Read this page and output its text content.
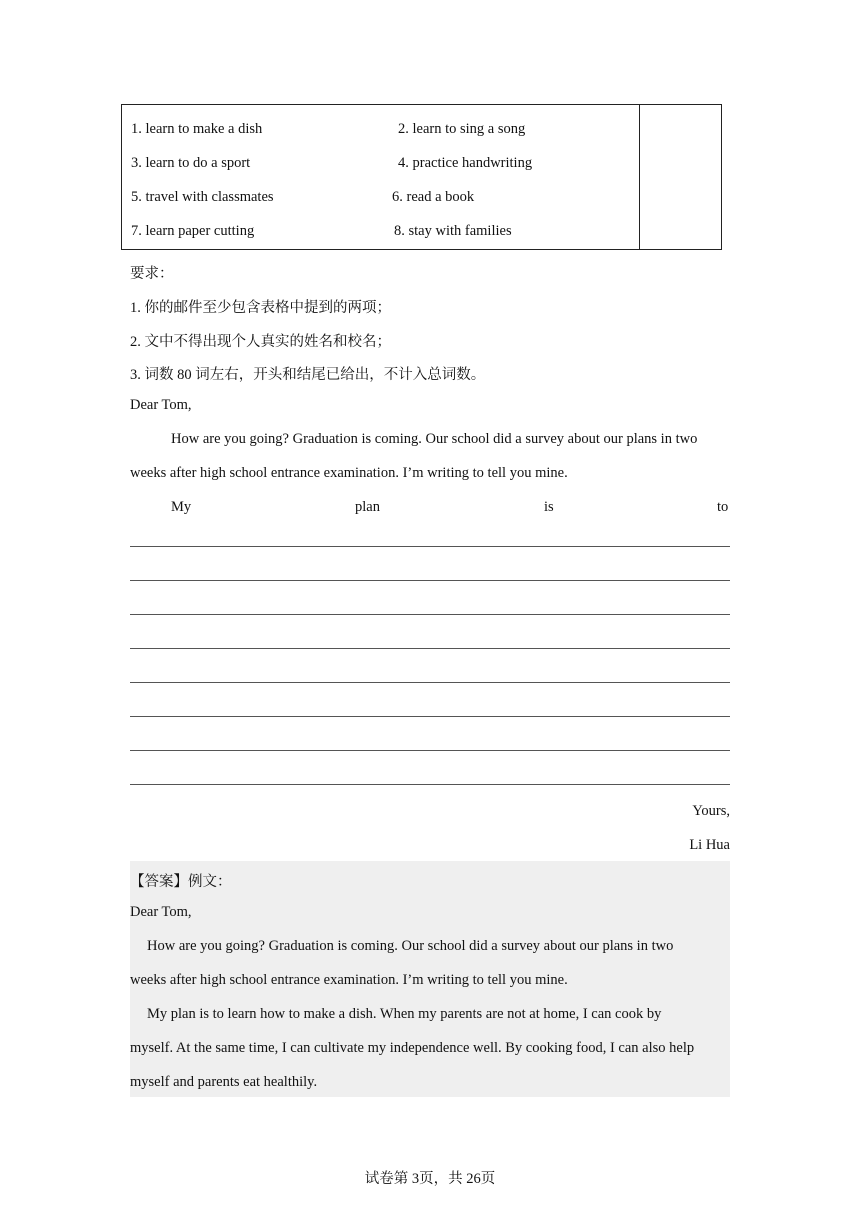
1. learn to make a dish	2. learn to sing a song
3. learn to do a sport	4. practice handwriting
5. travel with classmates	6. read a book
7. learn paper cutting	8. stay with families
要求：
1. 你的邮件至少包含表格中提到的两项；
2. 文中不得出现个人真实的姓名和校名；
3. 词数 80 词左右，开头和结尾已给出，不计入总词数。
Dear Tom,
How are you going? Graduation is coming. Our school did a survey about our plans in two
weeks after high school entrance examination. I’m writing to tell you mine.
My	plan	is	to
Yours,
Li Hua
【答案】例文：
Dear Tom,
How are you going? Graduation is coming. Our school did a survey about our plans in two
weeks after high school entrance examination. I’m writing to tell you mine.
My plan is to learn how to make a dish. When my parents are not at home, I can cook by
myself. At the same time, I can cultivate my independence well. By cooking food, I can also help
myself and parents eat healthily.
试卷第 3页，共 26页
